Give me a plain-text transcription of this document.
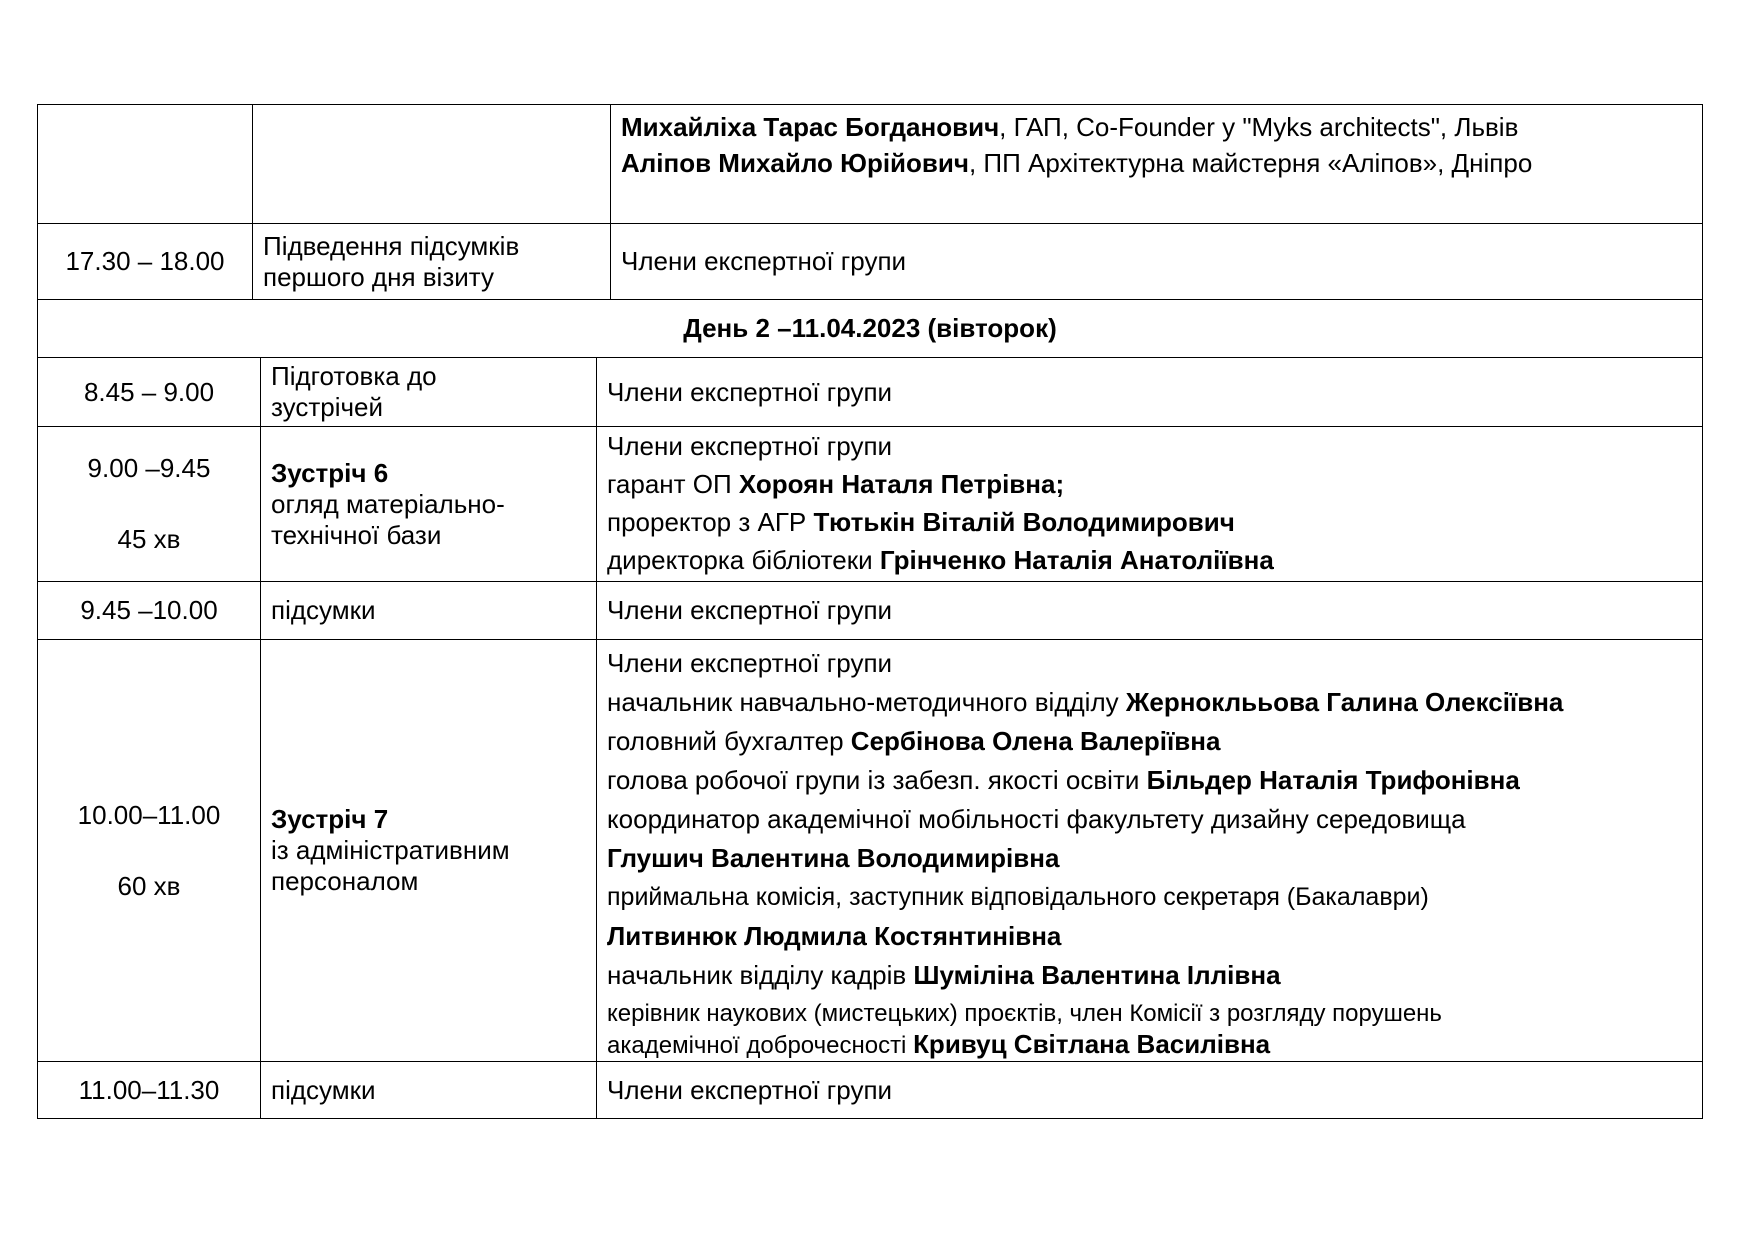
Михайліха Тарас Богданович, ГАП, Co-Founder у "Myks architects", Львів
Аліпов Михайло Юрійович, ПП Архітектурна майстерня «Аліпов», Дніпро
17.30 – 18.00
Підведення підсумків
першого дня візиту
Члени експертної групи
День 2 –11.04.2023 (вівторок)
8.45 – 9.00
Підготовка до
зустрічей
Члени експертної групи
9.00 –9.45
45 хв
Зустріч 6
огляд матеріально-
технічної бази
Члени експертної групи
гарант ОП Хороян Наталя Петрівна;
проректор з АГР Тютькін Віталій Володимирович
директорка бібліотеки Грінченко Наталія Анатоліївна
9.45 –10.00 підсумки	Члени експертної групи
10.00–11.00
60 хв
Зустріч 7
із адміністративним
персоналом
Члени експертної групи
начальник навчально-методичного відділу Жерноклььова Галина Олексіївна
головний бухгалтер Сербінова Олена Валеріївна
голова робочої групи із забезп. якості освіти Більдер Наталія Трифонівна
координатор академічної мобільності факультету дизайну середовища
Глушич Валентина Володимирівна
приймальна комісія, заступник відповідального секретаря (Бакалаври)
Литвинюк Людмила Костянтинівна
начальник відділу кадрів Шуміліна Валентина Іллівна
керівник наукових (мистецьких) проєктів, член Комісії з розгляду порушень
академічної доброчесності Кривуц Світлана Василівна
11.00–11.30 підсумки	Члени експертної групи
